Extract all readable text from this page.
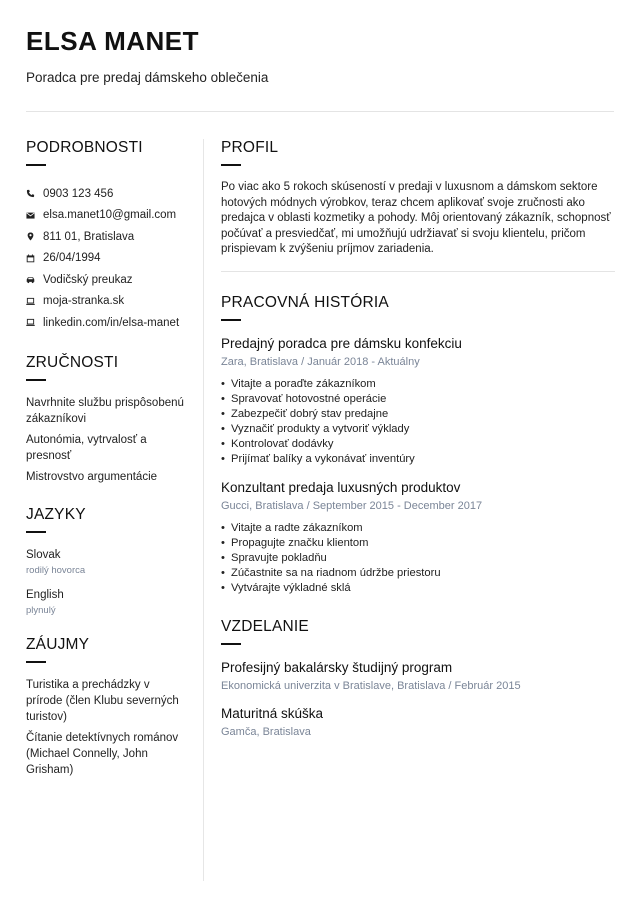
ELSA MANET
Poradca pre predaj dámskeho oblečenia
PODROBNOSTI
0903 123 456
elsa.manet10@gmail.com
811 01, Bratislava
26/04/1994
Vodičský preukaz
moja-stranka.sk
linkedin.com/in/elsa-manet
ZRUČNOSTI
Navrhnite službu prispôsobenú zákazníkovi
Autonómia, vytrvalosť a presnosť
Mistrovstvo argumentácie
JAZYKY
Slovak
rodilý hovorca
English
plynulý
ZÁUJMY
Turistika a prechádzky v prírode (člen Klubu severných turistov)
Čítanie detektívnych románov (Michael Connelly, John Grisham)
PROFIL

Po viac ako 5 rokoch skúseností v predaji v luxusnom a dámskom sektore hotových módnych výrobkov, teraz chcem aplikovať svoje zručnosti ako predajca v oblasti kozmetiky a pohody. Môj orientovaný zákazník, schopnosť počúvať a presviedčať, mi umožňujú udržiavať si svoju klientelu, pričom prispievam k zvýšeniu príjmov zariadenia.

PRACOVNÁ HISTÓRIA
Predajný poradca pre dámsku konfekciu
Zara, Bratislava / Január 2018 - Aktuálny
• Vitajte a poraďte zákazníkom
• Spravovať hotovostné operácie
• Zabezpečiť dobrý stav predajne
• Vyznačiť produkty a vytvoriť výklady
• Kontrolovať dodávky
• Prijímať balíky a vykonávať inventúry
Konzultant predaja luxusných produktov
Gucci, Bratislava / September 2015 - December 2017
• Vitajte a radte zákazníkom
• Propagujte značku klientom
• Spravujte pokladňu
• Zúčastnite sa na riadnom údržbe priestoru
• Vytvárajte výkladné sklá
VZDELANIE
Profesijný bakalársky študijný program
Ekonomická univerzita v Bratislave, Bratislava / Február 2015
Maturitná skúška
Gamča, Bratislava
